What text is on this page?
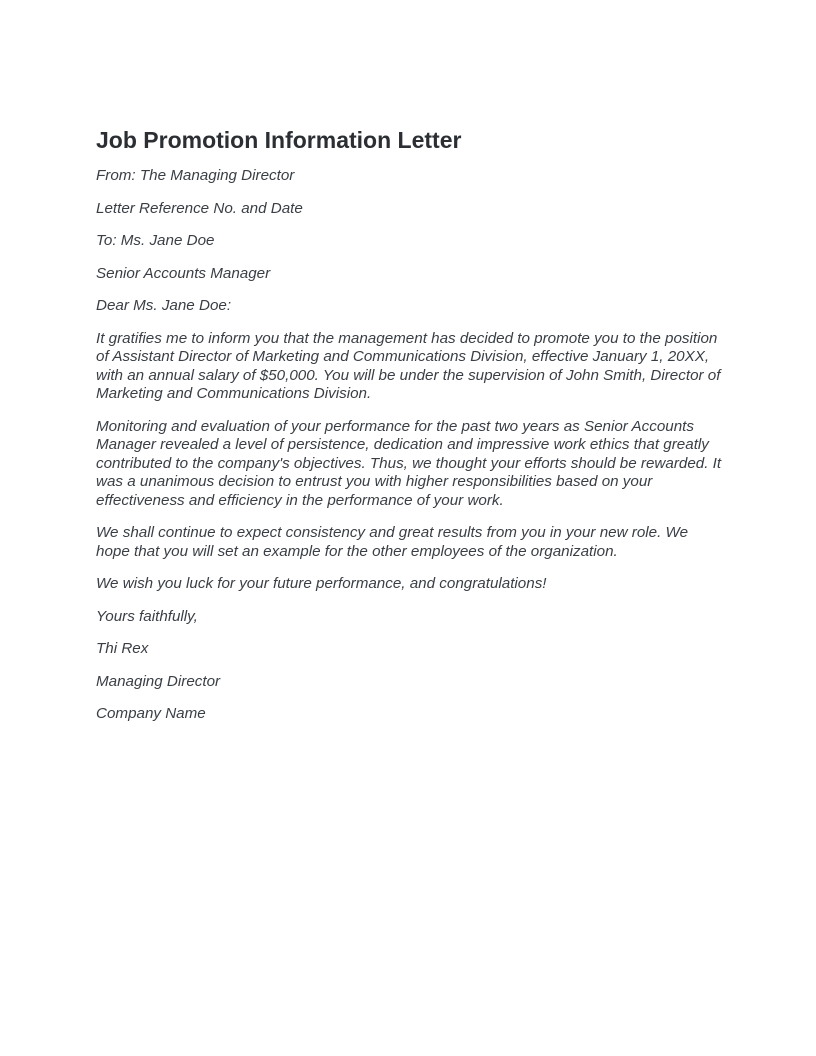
Job Promotion Information Letter

From: The Managing Director

Letter Reference No. and Date

To: Ms. Jane Doe

Senior Accounts Manager

Dear Ms. Jane Doe:

It gratifies me to inform you that the management has decided to promote you to the position of Assistant Director of Marketing and Communications Division, effective January 1, 20XX, with an annual salary of $50,000. You will be under the supervision of John Smith, Director of Marketing and Communications Division.

Monitoring and evaluation of your performance for the past two years as Senior Accounts Manager revealed a level of persistence, dedication and impressive work ethics that greatly contributed to the company's objectives. Thus, we thought your efforts should be rewarded. It was a unanimous decision to entrust you with higher responsibilities based on your effectiveness and efficiency in the performance of your work.

We shall continue to expect consistency and great results from you in your new role. We hope that you will set an example for the other employees of the organization.

We wish you luck for your future performance, and congratulations!

Yours faithfully,

Thi Rex

Managing Director

Company Name
